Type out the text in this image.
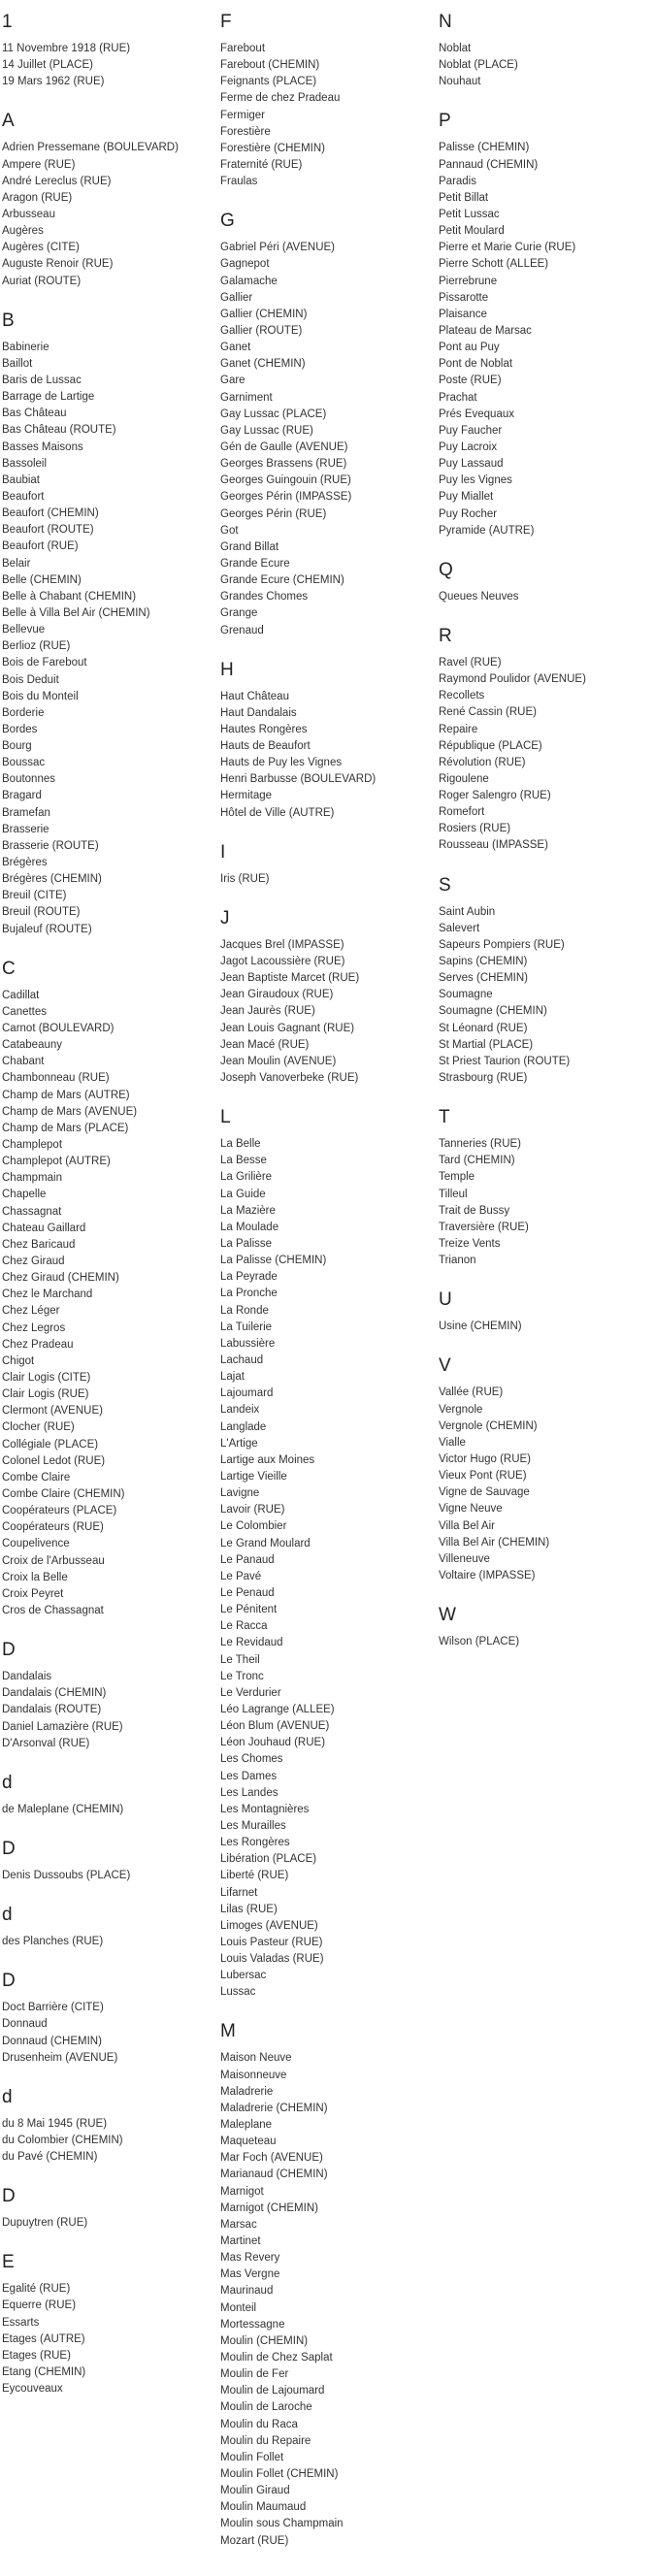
1
11 Novembre 1918 (RUE)
14 Juillet (PLACE)
19 Mars 1962 (RUE)
A
Adrien Pressemane (BOULEVARD)
Ampere (RUE)
André Lereclus (RUE)
Aragon (RUE)
Arbusseau
Augères
Augères (CITE)
Auguste Renoir (RUE)
Auriat (ROUTE)
B
Babinerie
Baillot
Baris de Lussac
Barrage de Lartige
Bas Château
Bas Château (ROUTE)
Basses Maisons
Bassoleil
Baubiat
Beaufort
Beaufort (CHEMIN)
Beaufort (ROUTE)
Beaufort (RUE)
Belair
Belle (CHEMIN)
Belle à Chabant (CHEMIN)
Belle à Villa Bel Air (CHEMIN)
Bellevue
Berlioz (RUE)
Bois de Farebout
Bois Deduit
Bois du Monteil
Borderie
Bordes
Bourg
Boussac
Boutonnes
Bragard
Bramefan
Brasserie
Brasserie (ROUTE)
Brégères
Brégères (CHEMIN)
Breuil (CITE)
Breuil (ROUTE)
Bujaleuf (ROUTE)
C
Cadillat
Canettes
Carnot (BOULEVARD)
Catabeauny
Chabant
Chambonneau (RUE)
Champ de Mars (AUTRE)
Champ de Mars (AVENUE)
Champ de Mars (PLACE)
Champlepot
Champlepot (AUTRE)
Champmain
Chapelle
Chassagnat
Chateau Gaillard
Chez Baricaud
Chez Giraud
Chez Giraud (CHEMIN)
Chez le Marchand
Chez Léger
Chez Legros
Chez Pradeau
Chigot
Clair Logis (CITE)
Clair Logis (RUE)
Clermont (AVENUE)
Clocher (RUE)
Collégiale (PLACE)
Colonel Ledot (RUE)
Combe Claire
Combe Claire (CHEMIN)
Coopérateurs (PLACE)
Coopérateurs (RUE)
Coupelivence
Croix de l'Arbusseau
Croix la Belle
Croix Peyret
Cros de Chassagnat
D
Dandalais
Dandalais (CHEMIN)
Dandalais (ROUTE)
Daniel Lamazière (RUE)
D'Arsonval (RUE)
d
de Maleplane (CHEMIN)
D
Denis Dussoubs (PLACE)
d
des Planches (RUE)
D
Doct Barrière (CITE)
Donnaud
Donnaud (CHEMIN)
Drusenheim (AVENUE)
d
du 8 Mai 1945 (RUE)
du Colombier (CHEMIN)
du Pavé (CHEMIN)
D
Dupuytren (RUE)
E
Egalité (RUE)
Equerre (RUE)
Essarts
Etages (AUTRE)
Etages (RUE)
Etang (CHEMIN)
Eycouveaux
F
Farebout
Farebout (CHEMIN)
Feignants (PLACE)
Ferme de chez Pradeau
Fermiger
Forestière
Forestière (CHEMIN)
Fraternité (RUE)
Fraulas
G
Gabriel Péri (AVENUE)
Gagnepot
Galamache
Gallier
Gallier (CHEMIN)
Gallier (ROUTE)
Ganet
Ganet (CHEMIN)
Gare
Garniment
Gay Lussac (PLACE)
Gay Lussac (RUE)
Gén de Gaulle (AVENUE)
Georges Brassens (RUE)
Georges Guingouin (RUE)
Georges Périn (IMPASSE)
Georges Périn (RUE)
Got
Grand Billat
Grande Ecure
Grande Ecure (CHEMIN)
Grandes Chomes
Grange
Grenaud
H
Haut Château
Haut Dandalais
Hautes Rongères
Hauts de Beaufort
Hauts de Puy les Vignes
Henri Barbusse (BOULEVARD)
Hermitage
Hôtel de Ville (AUTRE)
I
Iris (RUE)
J
Jacques Brel (IMPASSE)
Jagot Lacoussière (RUE)
Jean Baptiste Marcet (RUE)
Jean Giraudoux (RUE)
Jean Jaurès (RUE)
Jean Louis Gagnant (RUE)
Jean Macé (RUE)
Jean Moulin (AVENUE)
Joseph Vanoverbeke (RUE)
L
La Belle
La Besse
La Grilière
La Guide
La Mazière
La Moulade
La Palisse
La Palisse (CHEMIN)
La Peyrade
La Pronche
La Ronde
La Tuilerie
Labussière
Lachaud
Lajat
Lajoumard
Landeix
Langlade
L'Artige
Lartige aux Moines
Lartige Vieille
Lavigne
Lavoir (RUE)
Le Colombier
Le Grand Moulard
Le Panaud
Le Pavé
Le Penaud
Le Pénitent
Le Racca
Le Revidaud
Le Theil
Le Tronc
Le Verdurier
Léo Lagrange (ALLEE)
Léon Blum (AVENUE)
Léon Jouhaud (RUE)
Les Chomes
Les Dames
Les Landes
Les Montagnières
Les Murailles
Les Rongères
Libération (PLACE)
Liberté (RUE)
Lifarnet
Lilas (RUE)
Limoges (AVENUE)
Louis Pasteur (RUE)
Louis Valadas (RUE)
Lubersac
Lussac
M
Maison Neuve
Maisonneuve
Maladrerie
Maladrerie (CHEMIN)
Maleplane
Maqueteau
Mar Foch (AVENUE)
Marianaud (CHEMIN)
Marnigot
Marnigot (CHEMIN)
Marsac
Martinet
Mas Revery
Mas Vergne
Maurinaud
Monteil
Mortessagne
Moulin (CHEMIN)
Moulin de Chez Saplat
Moulin de Fer
Moulin de Lajoumard
Moulin de Laroche
Moulin du Raca
Moulin du Repaire
Moulin Follet
Moulin Follet (CHEMIN)
Moulin Giraud
Moulin Maumaud
Moulin sous Champmain
Mozart (RUE)
N
Noblat
Noblat (PLACE)
Nouhaut
P
Palisse (CHEMIN)
Pannaud (CHEMIN)
Paradis
Petit Billat
Petit Lussac
Petit Moulard
Pierre et Marie Curie (RUE)
Pierre Schott (ALLEE)
Pierrebrune
Pissarotte
Plaisance
Plateau de Marsac
Pont au Puy
Pont de Noblat
Poste (RUE)
Prachat
Prés Evequaux
Puy Faucher
Puy Lacroix
Puy Lassaud
Puy les Vignes
Puy Miallet
Puy Rocher
Pyramide (AUTRE)
Q
Queues Neuves
R
Ravel (RUE)
Raymond Poulidor (AVENUE)
Recollets
René Cassin (RUE)
Repaire
République (PLACE)
Révolution (RUE)
Rigoulene
Roger Salengro (RUE)
Romefort
Rosiers (RUE)
Rousseau (IMPASSE)
S
Saint Aubin
Salevert
Sapeurs Pompiers (RUE)
Sapins (CHEMIN)
Serves (CHEMIN)
Soumagne
Soumagne (CHEMIN)
St Léonard (RUE)
St Martial (PLACE)
St Priest Taurion (ROUTE)
Strasbourg (RUE)
T
Tanneries (RUE)
Tard (CHEMIN)
Temple
Tilleul
Trait de Bussy
Traversière (RUE)
Treize Vents
Trianon
U
Usine (CHEMIN)
V
Vallée (RUE)
Vergnole
Vergnole (CHEMIN)
Vialle
Victor Hugo (RUE)
Vieux Pont (RUE)
Vigne de Sauvage
Vigne Neuve
Villa Bel Air
Villa Bel Air (CHEMIN)
Villeneuve
Voltaire (IMPASSE)
W
Wilson (PLACE)
